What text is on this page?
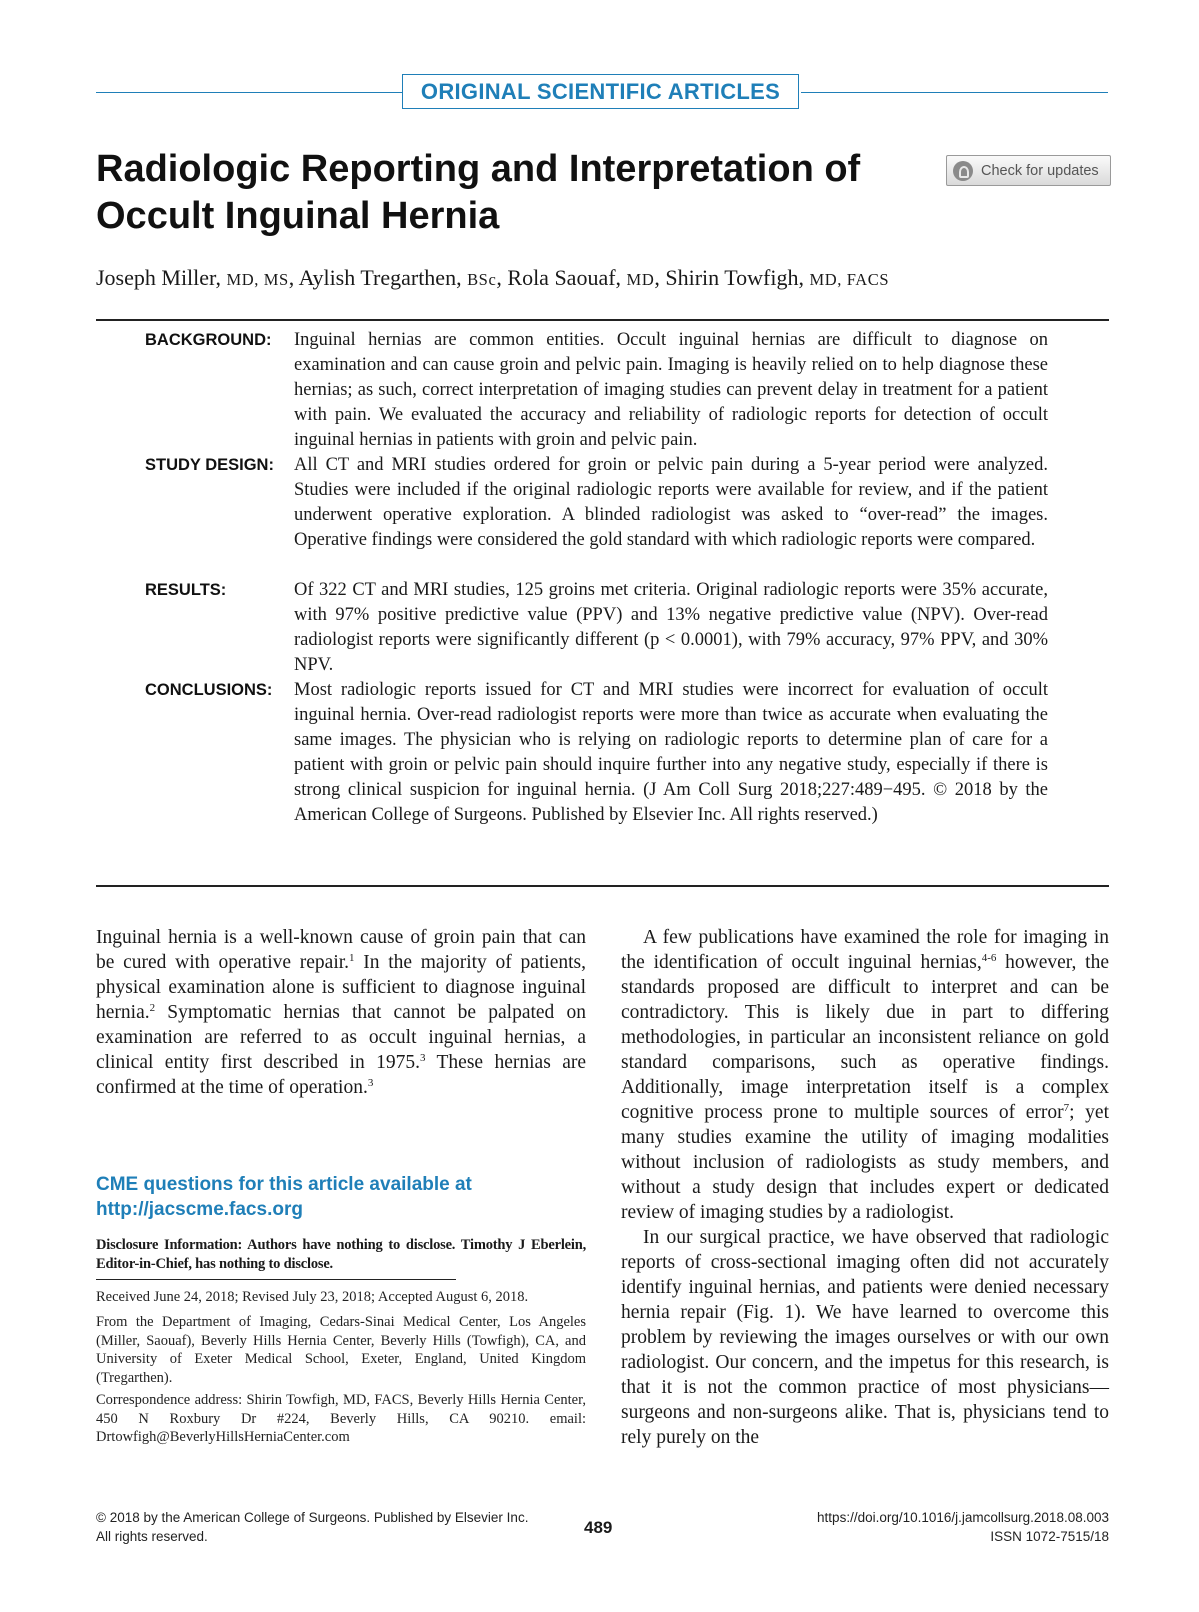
ORIGINAL SCIENTIFIC ARTICLES
Radiologic Reporting and Interpretation of
Occult Inguinal Hernia
Check for updates
Joseph Miller, MD, MS, Aylish Tregarthen, BSc, Rola Saouaf, MD, Shirin Towfigh, MD, FACS
BACKGROUND: Inguinal hernias are common entities. Occult inguinal hernias are difficult to diagnose on examination and can cause groin and pelvic pain. Imaging is heavily relied on to help diagnose these hernias; as such, correct interpretation of imaging studies can prevent delay in treatment for a patient with pain. We evaluated the accuracy and reliability of radiologic reports for detection of occult inguinal hernias in patients with groin and pelvic pain.
STUDY DESIGN: All CT and MRI studies ordered for groin or pelvic pain during a 5-year period were analyzed. Studies were included if the original radiologic reports were available for review, and if the patient underwent operative exploration. A blinded radiologist was asked to “over-read” the images. Operative findings were considered the gold standard with which radiologic reports were compared.
RESULTS:	Of 322 CT and MRI studies, 125 groins met criteria. Original radiologic reports were 35% accurate, with 97% positive predictive value (PPV) and 13% negative predictive value (NPV). Over-read radiologist reports were significantly different (p < 0.0001), with 79% accuracy, 97% PPV, and 30% NPV.
CONCLUSIONS: Most radiologic reports issued for CT and MRI studies were incorrect for evaluation of occult inguinal hernia. Over-read radiologist reports were more than twice as accurate when evaluating the same images. The physician who is relying on radiologic reports to determine plan of care for a patient with groin or pelvic pain should inquire further into any negative study, especially if there is strong clinical suspicion for inguinal hernia. (J Am Coll Surg 2018;227:489−495. © 2018 by the American College of Surgeons. Published by Elsevier Inc. All rights reserved.)

Inguinal hernia is a well-known cause of groin pain that can be cured with operative repair.$^1$ In the majority of patients, physical examination alone is sufficient to diagnose inguinal hernia.$^2$ Symptomatic hernias that cannot be palpated on examination are referred to as occult inguinal hernias, a clinical entity first described in 1975.$^3$ These hernias are confirmed at the time of operation.$^3$

CME questions for this article available at
http://jacscme.facs.org
Disclosure Information: Authors have nothing to disclose. Timothy J Eberlein, Editor-in-Chief, has nothing to disclose.
Received June 24, 2018; Revised July 23, 2018; Accepted August 6, 2018.
From the Department of Imaging, Cedars-Sinai Medical Center, Los Angeles (Miller, Saouaf), Beverly Hills Hernia Center, Beverly Hills (Towfigh), CA, and University of Exeter Medical School, Exeter, England, United Kingdom (Tregarthen).
Correspondence address: Shirin Towfigh, MD, FACS, Beverly Hills Hernia Center, 450 N Roxbury Dr #224, Beverly Hills, CA 90210. email: Drtowfigh@BeverlyHillsHerniaCenter.com

A few publications have examined the role for imaging in the identification of occult inguinal hernias,$^{4-6}$ however, the standards proposed are difficult to interpret and can be contradictory. This is likely due in part to differing methodologies, in particular an inconsistent reliance on gold standard comparisons, such as operative findings. Additionally, image interpretation itself is a complex cognitive process prone to multiple sources of error$^7$; yet many studies examine the utility of imaging modalities without inclusion of radiologists as study members, and without a study design that includes expert or dedicated review of imaging studies by a radiologist.

In our surgical practice, we have observed that radiologic reports of cross-sectional imaging often did not accurately identify inguinal hernias, and patients were denied necessary hernia repair (Fig. 1). We have learned to overcome this problem by reviewing the images ourselves or with our own radiologist. Our concern, and the impetus for this research, is that it is not the common practice of most physicians—surgeons and non-surgeons alike. That is, physicians tend to rely purely on the

© 2018 by the American College of Surgeons. Published by Elsevier Inc.
All rights reserved.	489
https://doi.org/10.1016/j.jamcollsurg.2018.08.003
ISSN 1072-7515/18
